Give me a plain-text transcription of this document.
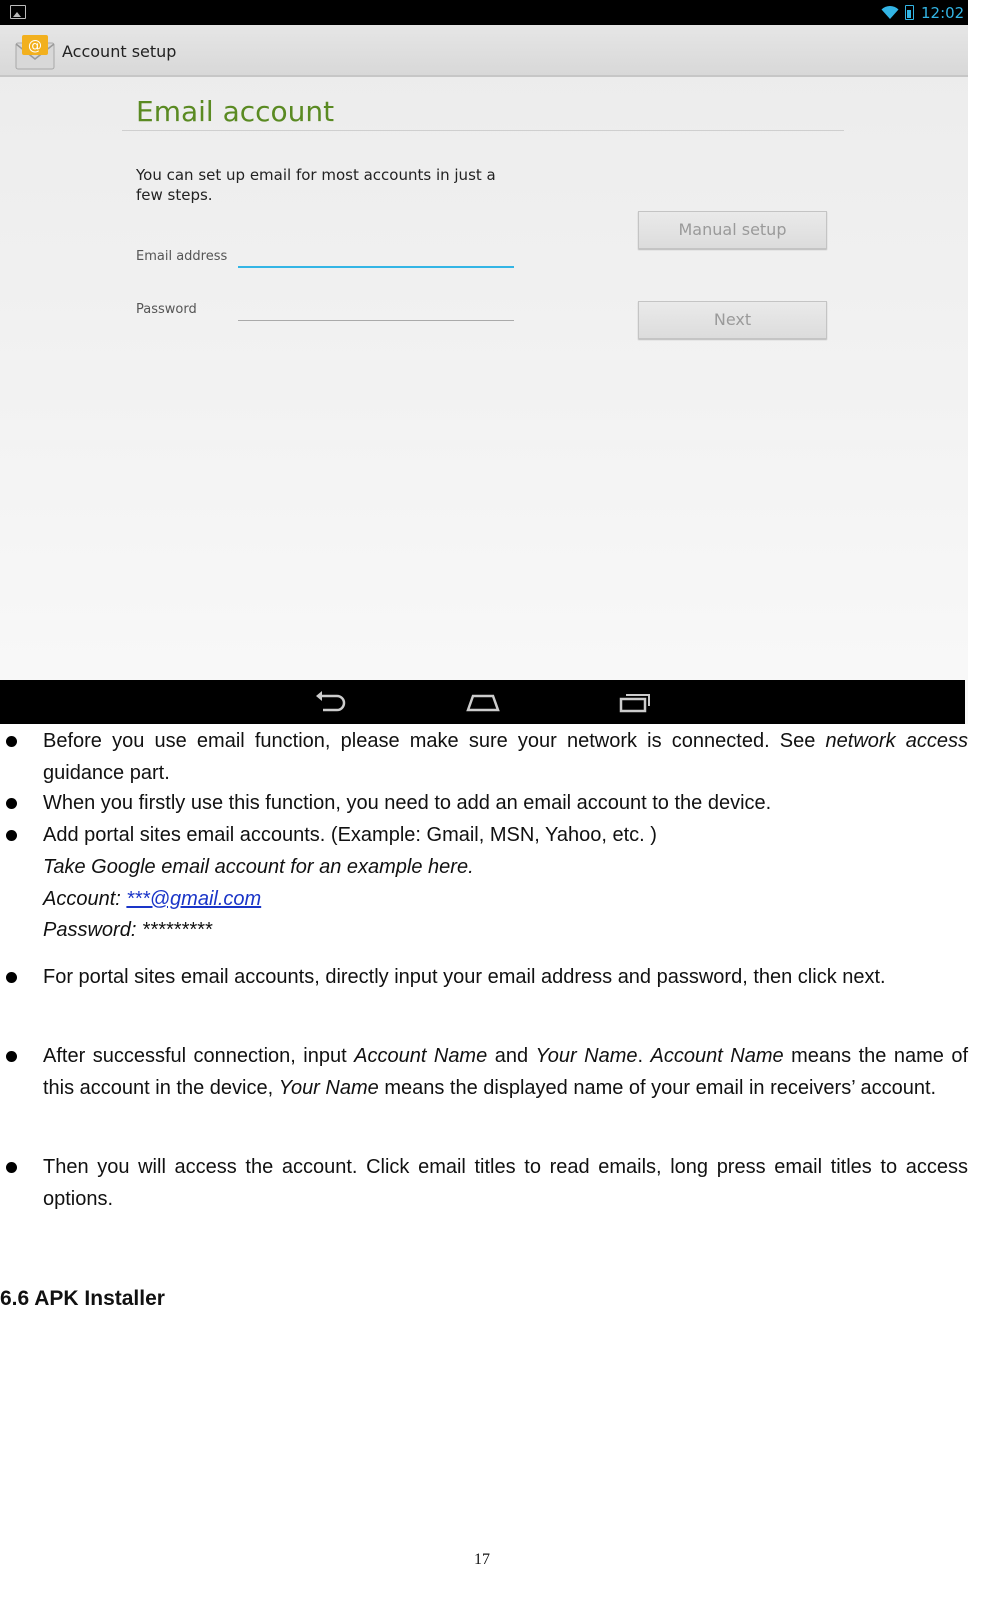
12:02
@ Account setup
Email account
You can set up email for most accounts in just a few steps.
Email address
Password
Manual setup
Next

Before you use email function, please make sure your network is connected. See network access guidance part.

When you firstly use this function, you need to add an email account to the device.

Add portal sites email accounts. (Example: Gmail, MSN, Yahoo, etc. )

Take Google email account for an example here.

Account: ***@gmail.com

Password: *********

For portal sites email accounts, directly input your email address and password, then click next.

After successful connection, input Account Name and Your Name. Account Name means the name of this account in the device, Your Name means the displayed name of your email in receivers’ account.

Then you will access the account. Click email titles to read emails, long press email titles to access options.

6.6 APK Installer
17
